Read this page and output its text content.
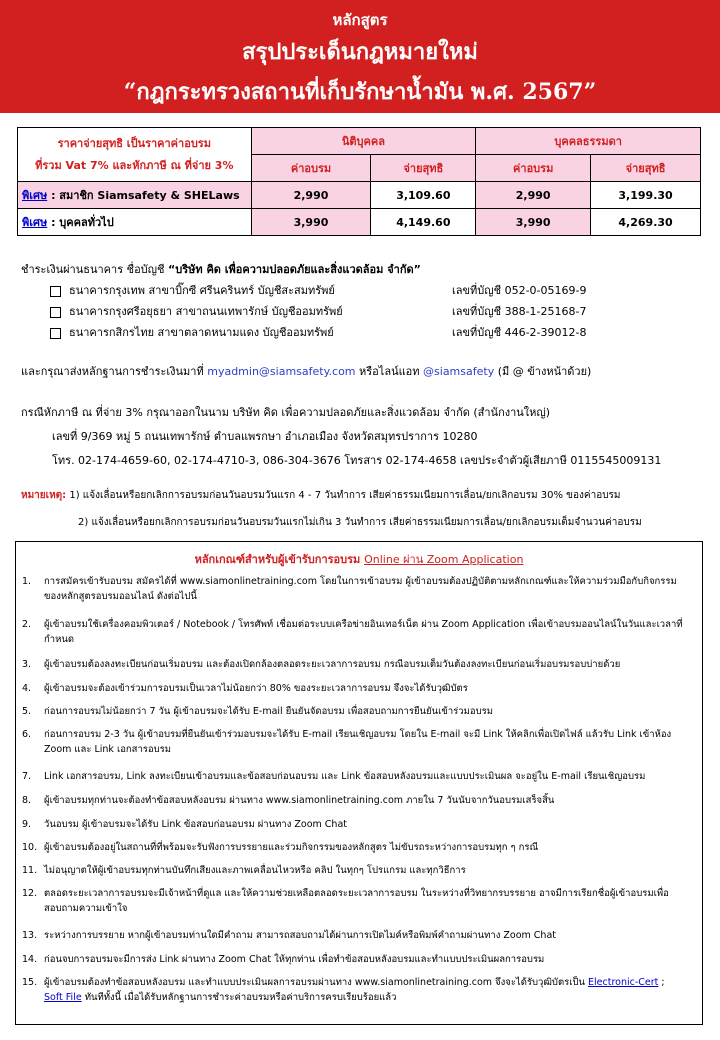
หลักสูตร
สรุปประเด็นกฎหมายใหม่
“กฎกระทรวงสถานที่เก็บรักษาน้ำมัน พ.ศ. 2567”
ราคาจ่ายสุทธิ เป็นราคาค่าอบรม
ที่รวม Vat 7% และหักภาษี ณ ที่จ่าย 3%	นิติบุคคล		บุคคลธรรมดา	
	ค่าอบรม	จ่ายสุทธิ	ค่าอบรม	จ่ายสุทธิ
พิเศษ : สมาชิก Siamsafety & SHELaws	2,990	3,109.60	2,990	3,199.30
พิเศษ : บุคคลทั่วไป	3,990	4,149.60	3,990	4,269.30
ชำระเงินผ่านธนาคาร ชื่อบัญชี “บริษัท คิด เพื่อความปลอดภัยและสิ่งแวดล้อม จำกัด”
ธนาคารกรุงเทพ สาขาบิ๊กซี ศรีนครินทร์ บัญชีสะสมทรัพย์	เลขที่บัญชี 052-0-05169-9
ธนาคารกรุงศรีอยุธยา สาขาถนนเทพารักษ์ บัญชีออมทรัพย์	เลขที่บัญชี 388-1-25168-7
ธนาคารกสิกรไทย สาขาตลาดหนามแดง บัญชีออมทรัพย์	เลขที่บัญชี 446-2-39012-8
และกรุณาส่งหลักฐานการชำระเงินมาที่ myadmin@siamsafety.com หรือไลน์แอท @siamsafety (มี @ ข้างหน้าด้วย)
กรณีหักภาษี ณ ที่จ่าย 3% กรุณาออกในนาม บริษัท คิด เพื่อความปลอดภัยและสิ่งแวดล้อม จำกัด (สำนักงานใหญ่)
เลขที่ 9/369 หมู่ 5 ถนนเทพารักษ์ ตำบลแพรกษา อำเภอเมือง จังหวัดสมุทรปราการ 10280
โทร. 02-174-4659-60, 02-174-4710-3, 086-304-3676 โทรสาร 02-174-4658 เลขประจำตัวผู้เสียภาษี 0115545009131
หมายเหตุ: 1) แจ้งเลื่อนหรือยกเลิกการอบรมก่อนวันอบรมวันแรก 4 - 7 วันทำการ เสียค่าธรรมเนียมการเลื่อน/ยกเลิกอบรม 30% ของค่าอบรม
2) แจ้งเลื่อนหรือยกเลิกการอบรมก่อนวันอบรมวันแรกไม่เกิน 3 วันทำการ เสียค่าธรรมเนียมการเลื่อน/ยกเลิกอบรมเต็มจำนวนค่าอบรม
หลักเกณฑ์สำหรับผู้เข้ารับการอบรม Online ผ่าน Zoom Application
1.	การสมัครเข้ารับอบรม สมัครได้ที่ www.siamonlinetraining.com โดยในการเข้าอบรม ผู้เข้าอบรมต้องปฏิบัติตามหลักเกณฑ์และให้ความร่วมมือกับกิจกรรมของหลักสูตรอบรมออนไลน์ ดังต่อไปนี้
2.	ผู้เข้าอบรมใช้เครื่องคอมพิวเตอร์ / Notebook / โทรศัพท์ เชื่อมต่อระบบเครือข่ายอินเทอร์เน็ต ผ่าน Zoom Application เพื่อเข้าอบรมออนไลน์ในวันและเวลาที่กำหนด
3.	ผู้เข้าอบรมต้องลงทะเบียนก่อนเริ่มอบรม และต้องเปิดกล้องตลอดระยะเวลาการอบรม กรณีอบรมเต็มวันต้องลงทะเบียนก่อนเริ่มอบรมรอบบ่ายด้วย
4.	ผู้เข้าอบรมจะต้องเข้าร่วมการอบรมเป็นเวลาไม่น้อยกว่า 80% ของระยะเวลาการอบรม จึงจะได้รับวุฒิบัตร
5.	ก่อนการอบรมไม่น้อยกว่า 7 วัน ผู้เข้าอบรมจะได้รับ E-mail ยืนยันจัดอบรม เพื่อสอบถามการยืนยันเข้าร่วมอบรม
6.	ก่อนการอบรม 2-3 วัน ผู้เข้าอบรมที่ยืนยันเข้าร่วมอบรมจะได้รับ E-mail เรียนเชิญอบรม โดยใน E-mail จะมี Link ให้คลิกเพื่อเปิดไฟล์ แล้วรับ Link เข้าห้อง Zoom และ Link เอกสารอบรม
7.	Link เอกสารอบรม, Link ลงทะเบียนเข้าอบรมและข้อสอบก่อนอบรม และ Link ข้อสอบหลังอบรมและแบบประเมินผล จะอยู่ใน E-mail เรียนเชิญอบรม
8.	ผู้เข้าอบรมทุกท่านจะต้องทำข้อสอบหลังอบรม ผ่านทาง www.siamonlinetraining.com ภายใน 7 วันนับจากวันอบรมเสร็จสิ้น
9.	วันอบรม ผู้เข้าอบรมจะได้รับ Link ข้อสอบก่อนอบรม ผ่านทาง Zoom Chat
10. ผู้เข้าอบรมต้องอยู่ในสถานที่ที่พร้อมจะรับฟังการบรรยายและร่วมกิจกรรมของหลักสูตร ไม่ขับรถระหว่างการอบรมทุก ๆ กรณี
11. ไม่อนุญาตให้ผู้เข้าอบรมทุกท่านบันทึกเสียงและภาพเคลื่อนไหวหรือ คลิป ในทุกๆ โปรแกรม และทุกวิธีการ
12. ตลอดระยะเวลาการอบรมจะมีเจ้าหน้าที่ดูแล และให้ความช่วยเหลือตลอดระยะเวลาการอบรม ในระหว่างที่วิทยากรบรรยาย อาจมีการเรียกชื่อผู้เข้าอบรมเพื่อสอบถามความเข้าใจ
13. ระหว่างการบรรยาย หากผู้เข้าอบรมท่านใดมีคำถาม สามารถสอบถามได้ผ่านการเปิดไมค์หรือพิมพ์คำถามผ่านทาง Zoom Chat
14. ก่อนจบการอบรมจะมีการส่ง Link ผ่านทาง Zoom Chat ให้ทุกท่าน เพื่อทำข้อสอบหลังอบรมและทำแบบประเมินผลการอบรม
15. ผู้เข้าอบรมต้องทำข้อสอบหลังอบรม และทำแบบประเมินผลการอบรมผ่านทาง www.siamonlinetraining.com จึงจะได้รับวุฒิบัตรเป็น Electronic-Cert ; Soft File ทันทีทั้งนี้ เมื่อได้รับหลักฐานการชำระค่าอบรมหรือค่าบริการครบเรียบร้อยแล้ว
